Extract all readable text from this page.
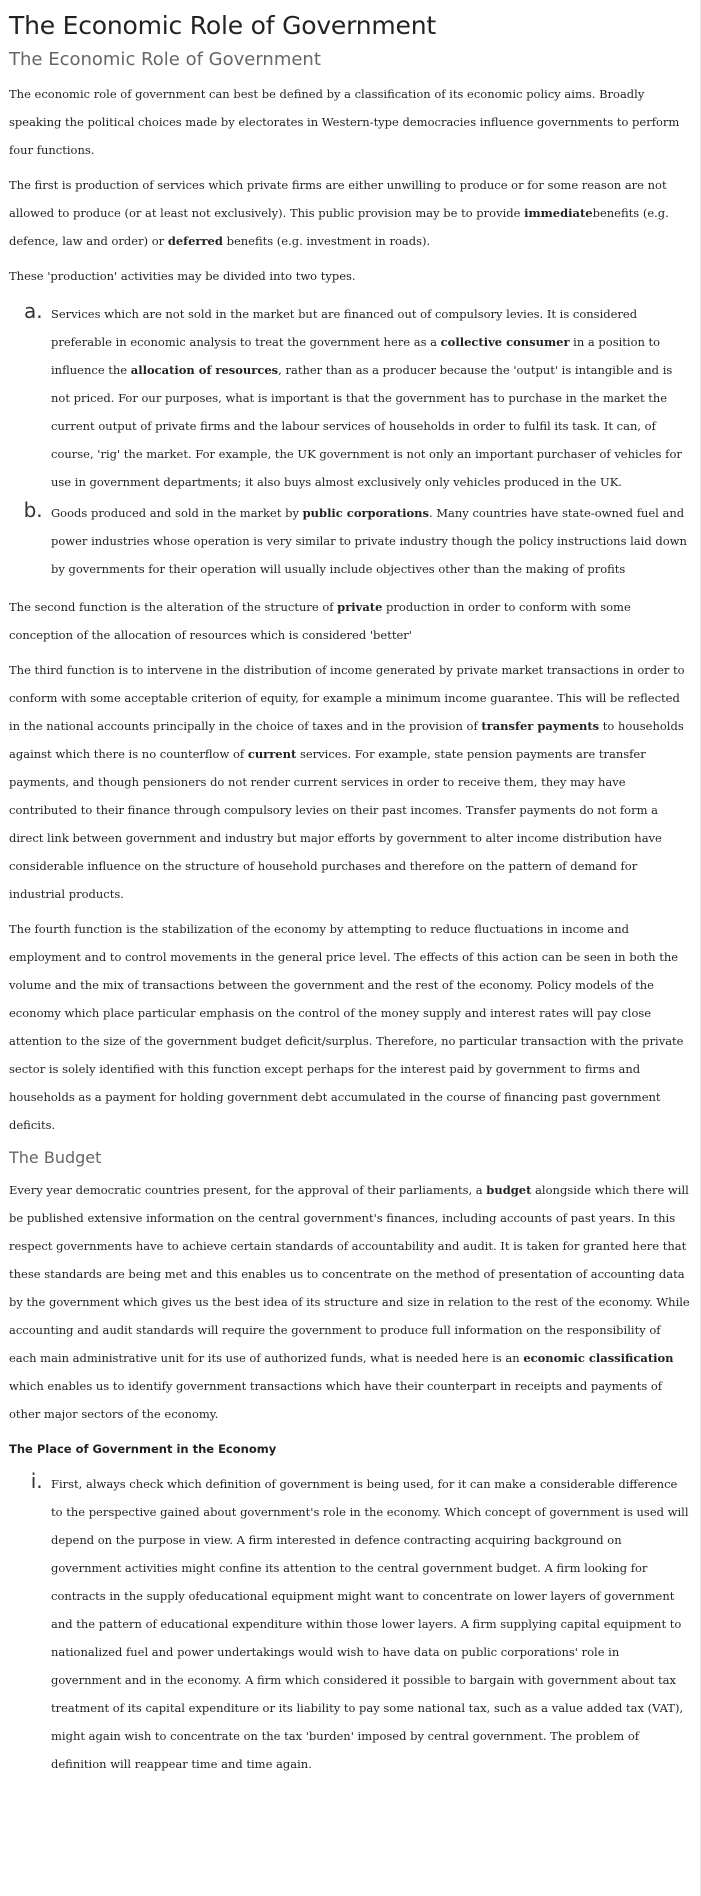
The Economic Role of Government
The Economic Role of Government

The economic role of government can best be defined by a classification of its economic policy aims. Broadly speaking the political choices made by electorates in Western-type democracies influence governments to perform four functions.

The first is production of services which private firms are either unwilling to produce or for some reason are not allowed to produce (or at least not exclusively). This public provision may be to provide immediatebenefits (e.g. defence, law and order) or deferred benefits (e.g. investment in roads).

These 'production' activities may be divided into two types.

a. Services which are not sold in the market but are financed out of compulsory levies. It is considered preferable in economic analysis to treat the government here as a collective consumer in a position to influence the allocation of resources, rather than as a producer because the 'output' is intangible and is not priced. For our purposes, what is important is that the government has to purchase in the market the current output of private firms and the labour services of households in order to fulfil its task. It can, of course, 'rig' the market. For example, the UK government is not only an important purchaser of vehicles for use in government departments; it also buys almost exclusively only vehicles produced in the UK.
b. Goods produced and sold in the market by public corporations. Many countries have state-owned fuel and power industries whose operation is very similar to private industry though the policy instructions laid down by governments for their operation will usually include objectives other than the making of profits

The second function is the alteration of the structure of private production in order to conform with some conception of the allocation of resources which is considered 'better'

The third function is to intervene in the distribution of income generated by private market transactions in order to conform with some acceptable criterion of equity, for example a minimum income guarantee. This will be reflected in the national accounts principally in the choice of taxes and in the provision of transfer payments to households against which there is no counterflow of current services. For example, state pension payments are transfer payments, and though pensioners do not render current services in order to receive them, they may have contributed to their finance through compulsory levies on their past incomes. Transfer payments do not form a direct link between government and industry but major efforts by government to alter income distribution have considerable influence on the structure of household purchases and therefore on the pattern of demand for industrial products.

The fourth function is the stabilization of the economy by attempting to reduce fluctuations in income and employment and to control movements in the general price level. The effects of this action can be seen in both the volume and the mix of transactions between the government and the rest of the economy. Policy models of the economy which place particular emphasis on the control of the money supply and interest rates will pay close attention to the size of the government budget deficit/surplus. Therefore, no particular transaction with the private sector is solely identified with this function except perhaps for the interest paid by government to firms and households as a payment for holding government debt accumulated in the course of financing past government deficits.

The Budget

Every year democratic countries present, for the approval of their parliaments, a budget alongside which there will be published extensive information on the central government's finances, including accounts of past years. In this respect governments have to achieve certain standards of accountability and audit. It is taken for granted here that these standards are being met and this enables us to concentrate on the method of presentation of accounting data by the government which gives us the best idea of its structure and size in relation to the rest of the economy. While accounting and audit standards will require the government to produce full information on the responsibility of each main administrative unit for its use of authorized funds, what is needed here is an economic classification which enables us to identify government transactions which have their counterpart in receipts and payments of other major sectors of the economy.

The Place of Government in the Economy
i. First, always check which definition of government is being used, for it can make a considerable difference to the perspective gained about government's role in the economy. Which concept of government is used will depend on the purpose in view. A firm interested in defence contracting acquiring background on government activities might confine its attention to the central government budget. A firm looking for contracts in the supply ofeducational equipment might want to concentrate on lower layers of government and the pattern of educational expenditure within those lower layers. A firm supplying capital equipment to nationalized fuel and power undertakings would wish to have data on public corporations' role in government and in the economy. A firm which considered it possible to bargain with government about tax treatment of its capital expenditure or its liability to pay some national tax, such as a value added tax (VAT), might again wish to concentrate on the tax 'burden' imposed by central government. The problem of definition will reappear time and time again.
